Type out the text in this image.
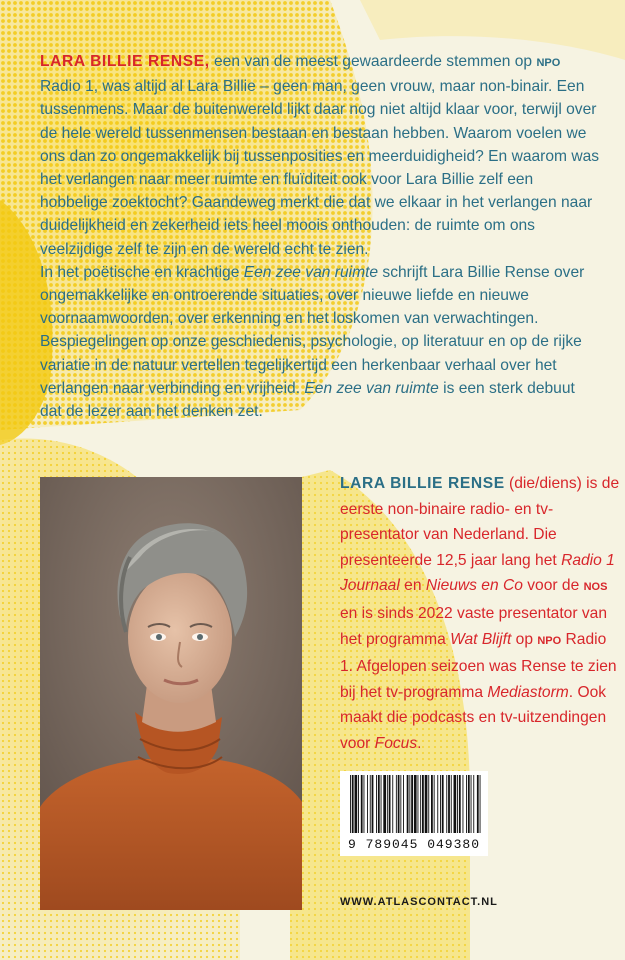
LARA BILLIE RENSE, een van de meest gewaardeerde stemmen op NPO Radio 1, was altijd al Lara Billie – geen man, geen vrouw, maar non-binair. Een tussenmens. Maar de buitenwereld lijkt daar nog niet altijd klaar voor, terwijl over de hele wereld tussenmensen bestaan en bestaan hebben. Waarom voelen we ons dan zo ongemakkelijk bij tussenposities en meerduidigheid? En waarom was het verlangen naar meer ruimte en fluïditeit ook voor Lara Billie zelf een hobbelige zoektocht? Gaandeweg merkt die dat we elkaar in het verlangen naar duidelijkheid en zekerheid iets heel moois onthouden: de ruimte om ons veelzijdige zelf te zijn en de wereld echt te zien.

In het poëtische en krachtige Een zee van ruimte schrijft Lara Billie Rense over ongemakkelijke en ontroerende situaties, over nieuwe liefde en nieuwe voornaamwoorden, over erkenning en het loskomen van verwachtingen. Bespiegelingen op onze geschiedenis, psychologie, op literatuur en op de rijke variatie in de natuur vertellen tegelijkertijd een herkenbaar verhaal over het verlangen naar verbinding en vrijheid. Een zee van ruimte is een sterk debuut dat de lezer aan het denken zet.

LARA BILLIE RENSE (die/diens) is de eerste non-binaire radio- en tv-presentator van Nederland. Die presenteerde 12,5 jaar lang het Radio 1 Journaal en Nieuws en Co voor de NOS en is sinds 2022 vaste presentator van het programma Wat Blijft op NPO Radio 1. Afgelopen seizoen was Rense te zien bij het tv-programma Mediastorm. Ook maakt die podcasts en tv-uitzendingen voor Focus.

9 789045 049380
WWW.ATLASCONTACT.NL
